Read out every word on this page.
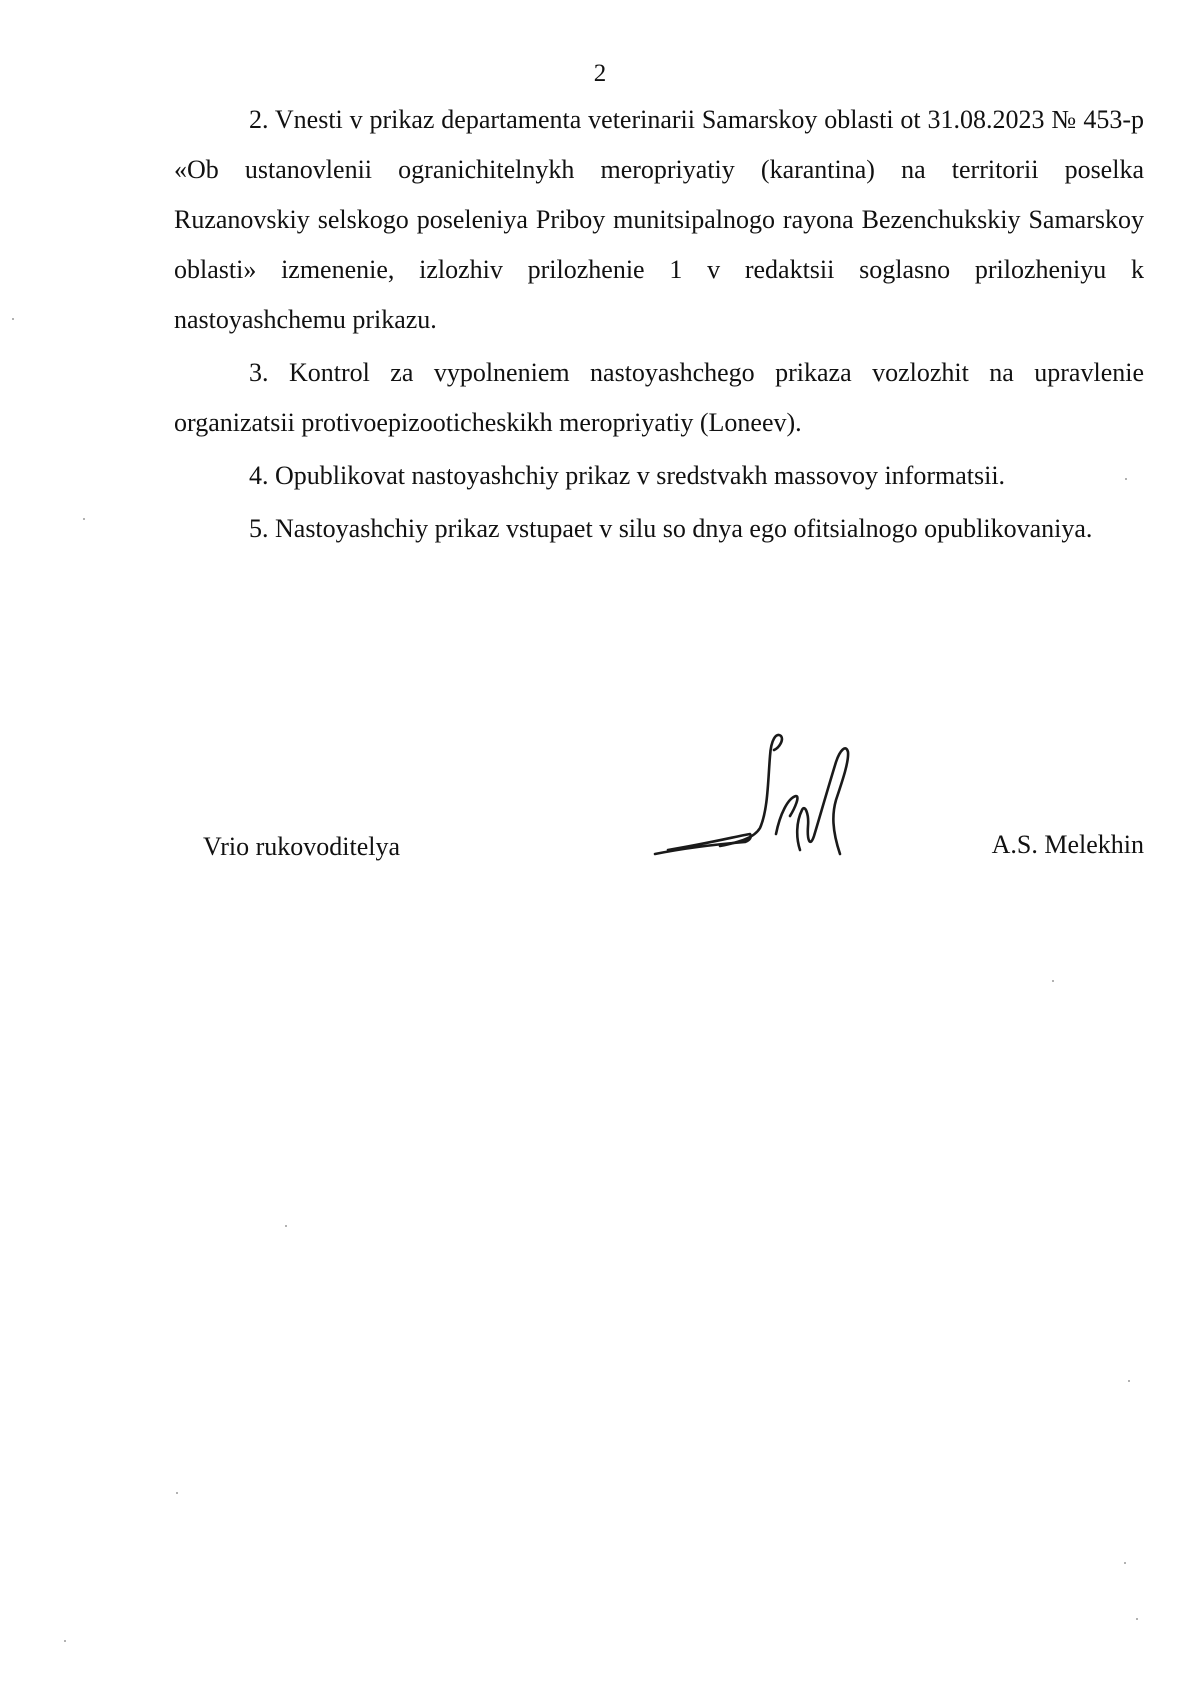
2

2. Vnesti v prikaz departamenta veterinarii Samarskoy oblasti ot 31.08.2023 № 453-p «Ob ustanovlenii ogranichitelnykh meropriyatiy (karantina) na territorii poselka Ruzanovskiy selskogo poseleniya Priboy munitsipalnogo rayona Bezenchukskiy Samarskoy oblasti» izmenenie, izlozhiv prilozhenie 1 v redaktsii soglasno prilozheniyu k nastoyashchemu prikazu.

3. Kontrol za vypolneniem nastoyashchego prikaza vozlozhit na upravlenie organizatsii protivoepizooticheskikh meropriyatiy (Loneev).

4. Opublikovat nastoyashchiy prikaz v sredstvakh massovoy informatsii.

5. Nastoyashchiy prikaz vstupaet v silu so dnya ego ofitsialnogo opublikovaniya.

Vrio rukovoditelya	A.S. Melekhin
